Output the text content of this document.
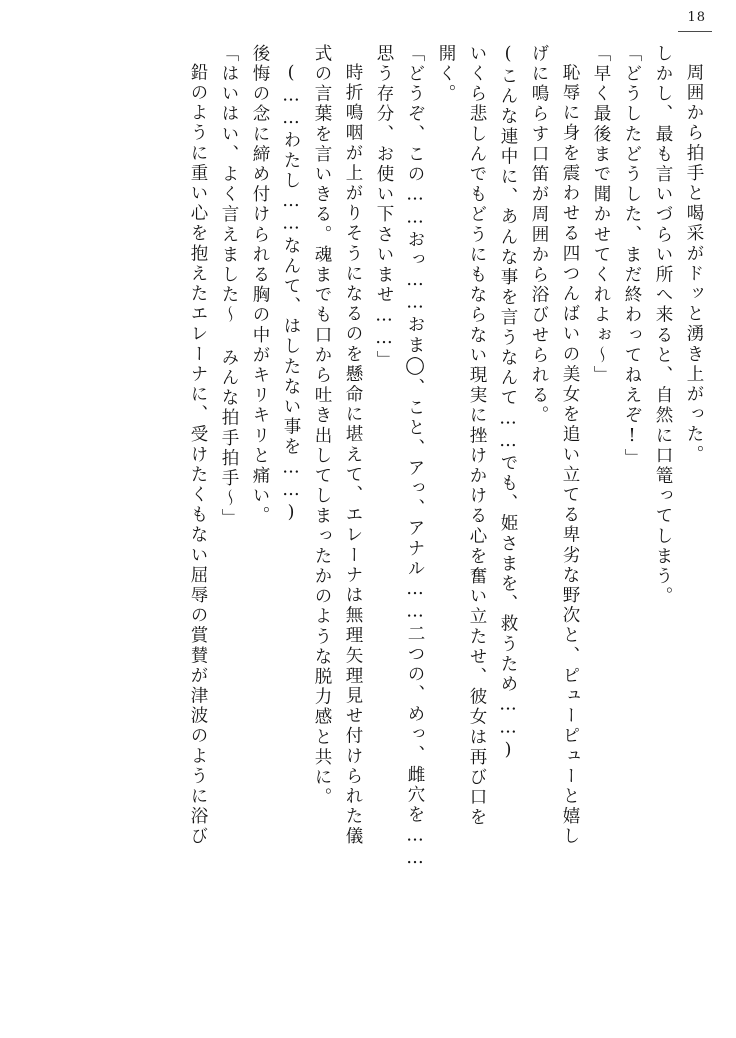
18
周囲から拍手と喝采がドッと湧き上がった。
しかし、最も言いづらい所へ来ると、自然に口篭ってしまう。
「どうしたどうした、まだ終わってねえぞ!」
「早く最後まで聞かせてくれよぉ〜」
恥辱に身を震わせる四つんばいの美女を追い立てる卑劣な野次と、ピューピューと嬉し
げに鳴らす口笛が周囲から浴びせられる。
(こんな連中に、あんな事を言うなんて……でも、姫さまを、救うため……)
いくら悲しんでもどうにもならない現実に挫けかける心を奮い立たせ、彼女は再び口を
開く。
「どうぞ、この……おっ……おま◯、こと、アっ、アナル……二つの、めっ、雌穴を……
思う存分、お使い下さいませ……」
時折鳴咽が上がりそうになるのを懸命に堪えて、エレーナは無理矢理見せ付けられた儀
式の言葉を言いきる。魂までも口から吐き出してしまったかのような脱力感と共に。
(……わたし……なんて、はしたない事を……)
後悔の念に締め付けられる胸の中がキリキリと痛い。
「はいはい、よく言えました〜 みんな拍手拍手〜」
鉛のように重い心を抱えたエレーナに、受けたくもない屈辱の賞賛が津波のように浴び
